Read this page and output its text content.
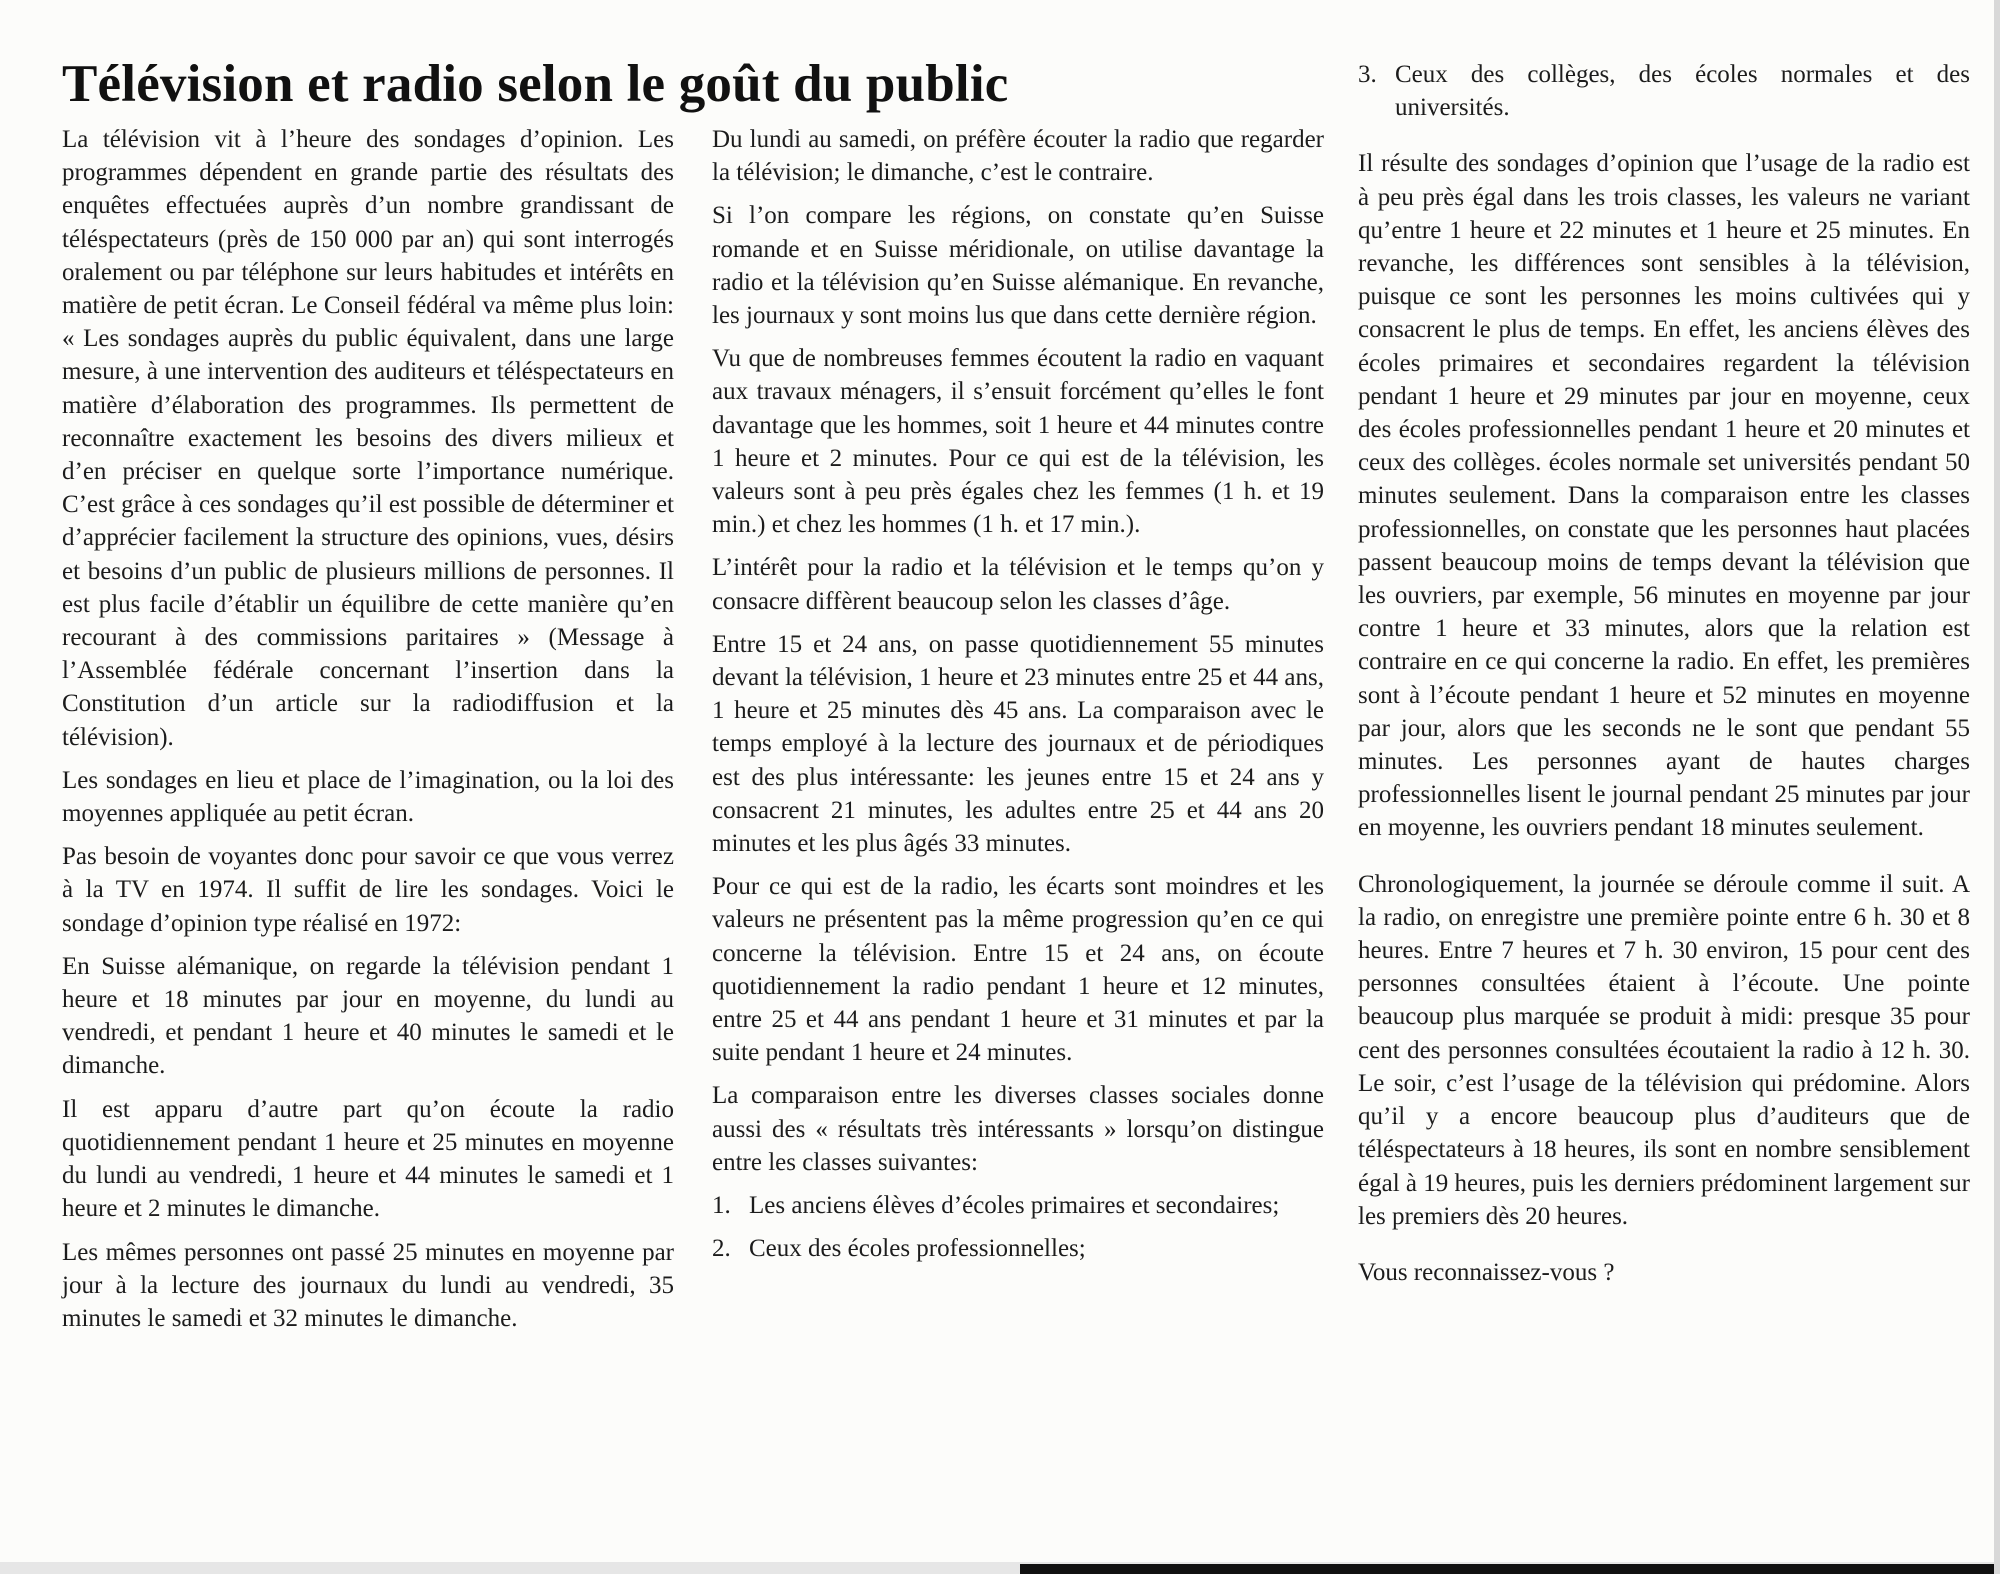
Télévision et radio selon le goût du public

La télévision vit à l’heure des sondages d’opinion. Les programmes dépendent en grande partie des résultats des enquêtes effectuées auprès d’un nombre grandissant de téléspectateurs (près de 150 000 par an) qui sont interrogés oralement ou par téléphone sur leurs habitudes et intérêts en matière de petit écran. Le Conseil fédéral va même plus loin: « Les sondages auprès du public équivalent, dans une large mesure, à une intervention des auditeurs et téléspectateurs en matière d’élaboration des programmes. Ils permettent de reconnaître exactement les besoins des divers milieux et d’en préciser en quelque sorte l’importance numérique. C’est grâce à ces sondages qu’il est possible de déterminer et d’apprécier facilement la structure des opinions, vues, désirs et besoins d’un public de plusieurs millions de personnes. Il est plus facile d’établir un équilibre de cette manière qu’en recourant à des commissions paritaires » (Message à l’Assemblée fédérale concernant l’insertion dans la Constitution d’un article sur la radiodiffusion et la télévision).

Les sondages en lieu et place de l’imagination, ou la loi des moyennes appliquée au petit écran.

Pas besoin de voyantes donc pour savoir ce que vous verrez à la TV en 1974. Il suffit de lire les sondages. Voici le sondage d’opinion type réalisé en 1972:

En Suisse alémanique, on regarde la télévision pendant 1 heure et 18 minutes par jour en moyenne, du lundi au vendredi, et pendant 1 heure et 40 minutes le samedi et le dimanche.

Il est apparu d’autre part qu’on écoute la radio quotidiennement pendant 1 heure et 25 minutes en moyenne du lundi au vendredi, 1 heure et 44 minutes le samedi et 1 heure et 2 minutes le dimanche.

Les mêmes personnes ont passé 25 minutes en moyenne par jour à la lecture des journaux du lundi au vendredi, 35 minutes le samedi et 32 minutes le dimanche.

Du lundi au samedi, on préfère écouter la radio que regarder la télévision; le dimanche, c’est le contraire.

Si l’on compare les régions, on constate qu’en Suisse romande et en Suisse méridionale, on utilise davantage la radio et la télévision qu’en Suisse alémanique. En revanche, les journaux y sont moins lus que dans cette dernière région.

Vu que de nombreuses femmes écoutent la radio en vaquant aux travaux ménagers, il s’ensuit forcément qu’elles le font davantage que les hommes, soit 1 heure et 44 minutes contre 1 heure et 2 minutes. Pour ce qui est de la télévision, les valeurs sont à peu près égales chez les femmes (1 h. et 19 min.) et chez les hommes (1 h. et 17 min.).

L’intérêt pour la radio et la télévision et le temps qu’on y consacre diffèrent beaucoup selon les classes d’âge.

Entre 15 et 24 ans, on passe quotidiennement 55 minutes devant la télévision, 1 heure et 23 minutes entre 25 et 44 ans, 1 heure et 25 minutes dès 45 ans. La comparaison avec le temps employé à la lecture des journaux et de périodiques est des plus intéressante: les jeunes entre 15 et 24 ans y consacrent 21 minutes, les adultes entre 25 et 44 ans 20 minutes et les plus âgés 33 minutes.

Pour ce qui est de la radio, les écarts sont moindres et les valeurs ne présentent pas la même progression qu’en ce qui concerne la télévision. Entre 15 et 24 ans, on écoute quotidiennement la radio pendant 1 heure et 12 minutes, entre 25 et 44 ans pendant 1 heure et 31 minutes et par la suite pendant 1 heure et 24 minutes.

La comparaison entre les diverses classes sociales donne aussi des « résultats très intéressants » lorsqu’on distingue entre les classes suivantes:

1. Les anciens élèves d’écoles primaires et secondaires;
2. Ceux des écoles professionnelles;
3. Ceux des collèges, des écoles normales et des universités.

Il résulte des sondages d’opinion que l’usage de la radio est à peu près égal dans les trois classes, les valeurs ne variant qu’entre 1 heure et 22 minutes et 1 heure et 25 minutes. En revanche, les différences sont sensibles à la télévision, puisque ce sont les personnes les moins cultivées qui y consacrent le plus de temps. En effet, les anciens élèves des écoles primaires et secondaires regardent la télévision pendant 1 heure et 29 minutes par jour en moyenne, ceux des écoles professionnelles pendant 1 heure et 20 minutes et ceux des collèges. écoles normale set universités pendant 50 minutes seulement. Dans la comparaison entre les classes professionnelles, on constate que les personnes haut placées passent beaucoup moins de temps devant la télévision que les ouvriers, par exemple, 56 minutes en moyenne par jour contre 1 heure et 33 minutes, alors que la relation est contraire en ce qui concerne la radio. En effet, les premières sont à l’écoute pendant 1 heure et 52 minutes en moyenne par jour, alors que les seconds ne le sont que pendant 55 minutes. Les personnes ayant de hautes charges professionnelles lisent le journal pendant 25 minutes par jour en moyenne, les ouvriers pendant 18 minutes seulement.

Chronologiquement, la journée se déroule comme il suit. A la radio, on enregistre une première pointe entre 6 h. 30 et 8 heures. Entre 7 heures et 7 h. 30 environ, 15 pour cent des personnes consultées étaient à l’écoute. Une pointe beaucoup plus marquée se produit à midi: presque 35 pour cent des personnes consultées écoutaient la radio à 12 h. 30. Le soir, c’est l’usage de la télévision qui prédomine. Alors qu’il y a encore beaucoup plus d’auditeurs que de téléspectateurs à 18 heures, ils sont en nombre sensiblement égal à 19 heures, puis les derniers prédominent largement sur les premiers dès 20 heures.

Vous reconnaissez-vous ?
